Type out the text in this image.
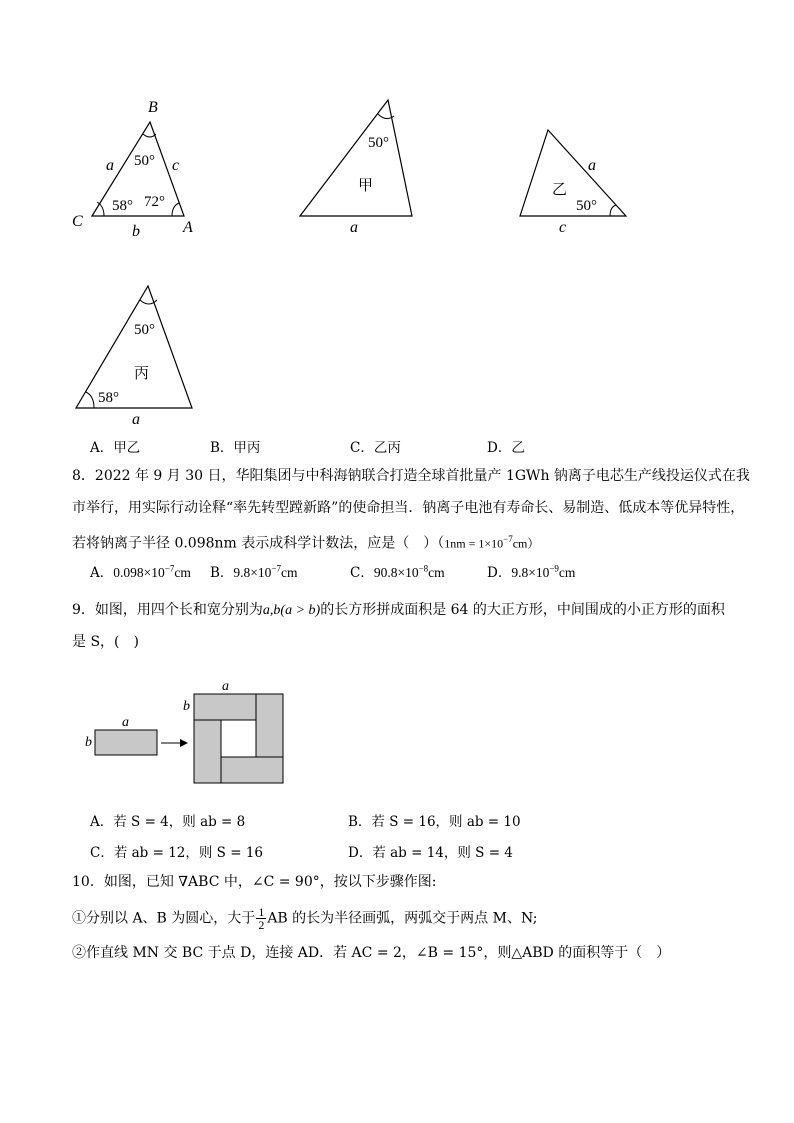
B
C	A
a	c
b
50°
58° 72°
50°
甲
a
乙
50°
a
c
50°
丙
58°
a
A．甲乙	B．甲丙	C．乙丙	D．乙
8．2022 年 9 月 30 日，华阳集团与中科海钠联合打造全球首批量产 1GWh 钠离子电芯生产线投运仪式在我
市举行，用实际行动诠释“率先转型蹚新路”的使命担当．钠离子电池有寿命长、易制造、低成本等优异特性，
若将钠离子半径 0.098nm 表示成科学计数法，应是（　）$(1nm = 1\times 10^{-7}cm)$
A．$0.098\times 10^{-7}cm$ B．$9.8\times 10^{-7}cm$	C．$90.8\times 10^{-8}cm$	D．$9.8\times 10^{-9}cm$
9．如图，用四个长和宽分别为a,b(a > b)的长方形拼成面积是 64 的大正方形，中间围成的小正方形的面积
是 S，(　)
a
b
a
b
A．若 S = 4，则 ab = 8	B．若 S = 16，则 ab = 10
C．若 ab = 12，则 S = 16	D．若 ab = 14，则 S = 4
10．如图，已知 ∇ABC 中，∠C = 90°，按以下步骤作图:
①分别以 A、B 为圆心，大于 $\frac{1}{2}$ AB 的长为半径画弧，两弧交于两点 M、N;
②作直线 MN 交 BC 于点 D，连接 AD．若 AC = 2，∠B = 15°，则△ABD 的面积等于（　）
